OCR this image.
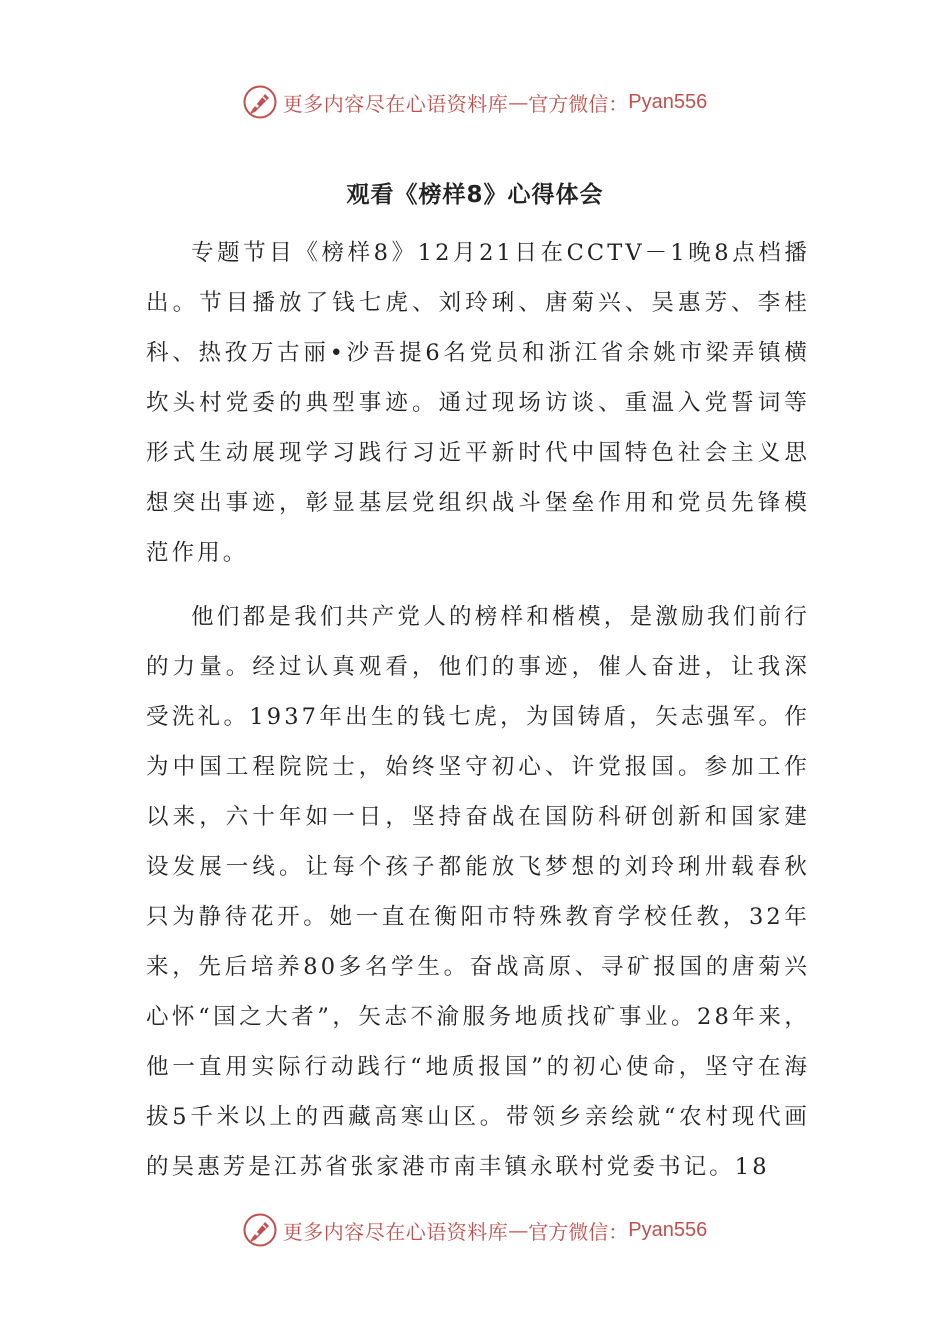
更多内容尽在心语资料库 — 官方微信： Pyan556
观看《榜样8》心得体会

专题节目《榜样8》12月21日在CCTV－1晚8点档播出。节目播放了钱七虎、刘玲琍、唐菊兴、吴惠芳、李桂科、热孜万古丽•沙吾提6名党员和浙江省余姚市梁弄镇横坎头村党委的典型事迹。通过现场访谈、重温入党誓词等形式生动展现学习践行习近平新时代中国特色社会主义思想突出事迹，彰显基层党组织战斗堡垒作用和党员先锋模范作用。

他们都是我们共产党人的榜样和楷模，是激励我们前行的力量。经过认真观看，他们的事迹，催人奋进，让我深受洗礼。1937年出生的钱七虎，为国铸盾，矢志强军。作为中国工程院院士，始终坚守初心、许党报国。参加工作以来，六十年如一日，坚持奋战在国防科研创新和国家建设发展一线。让每个孩子都能放飞梦想的刘玲琍卅载春秋只为静待花开。她一直在衡阳市特殊教育学校任教，32年来，先后培养80多名学生。奋战高原、寻矿报国的唐菊兴心怀“国之大者”，矢志不渝服务地质找矿事业。28年来，他一直用实际行动践行“地质报国”的初心使命，坚守在海拔5千米以上的西藏高寒山区。带领乡亲绘就“农村现代画的吴惠芳是江苏省张家港市南丰镇永联村党委书记。18

更多内容尽在心语资料库 — 官方微信： Pyan556
